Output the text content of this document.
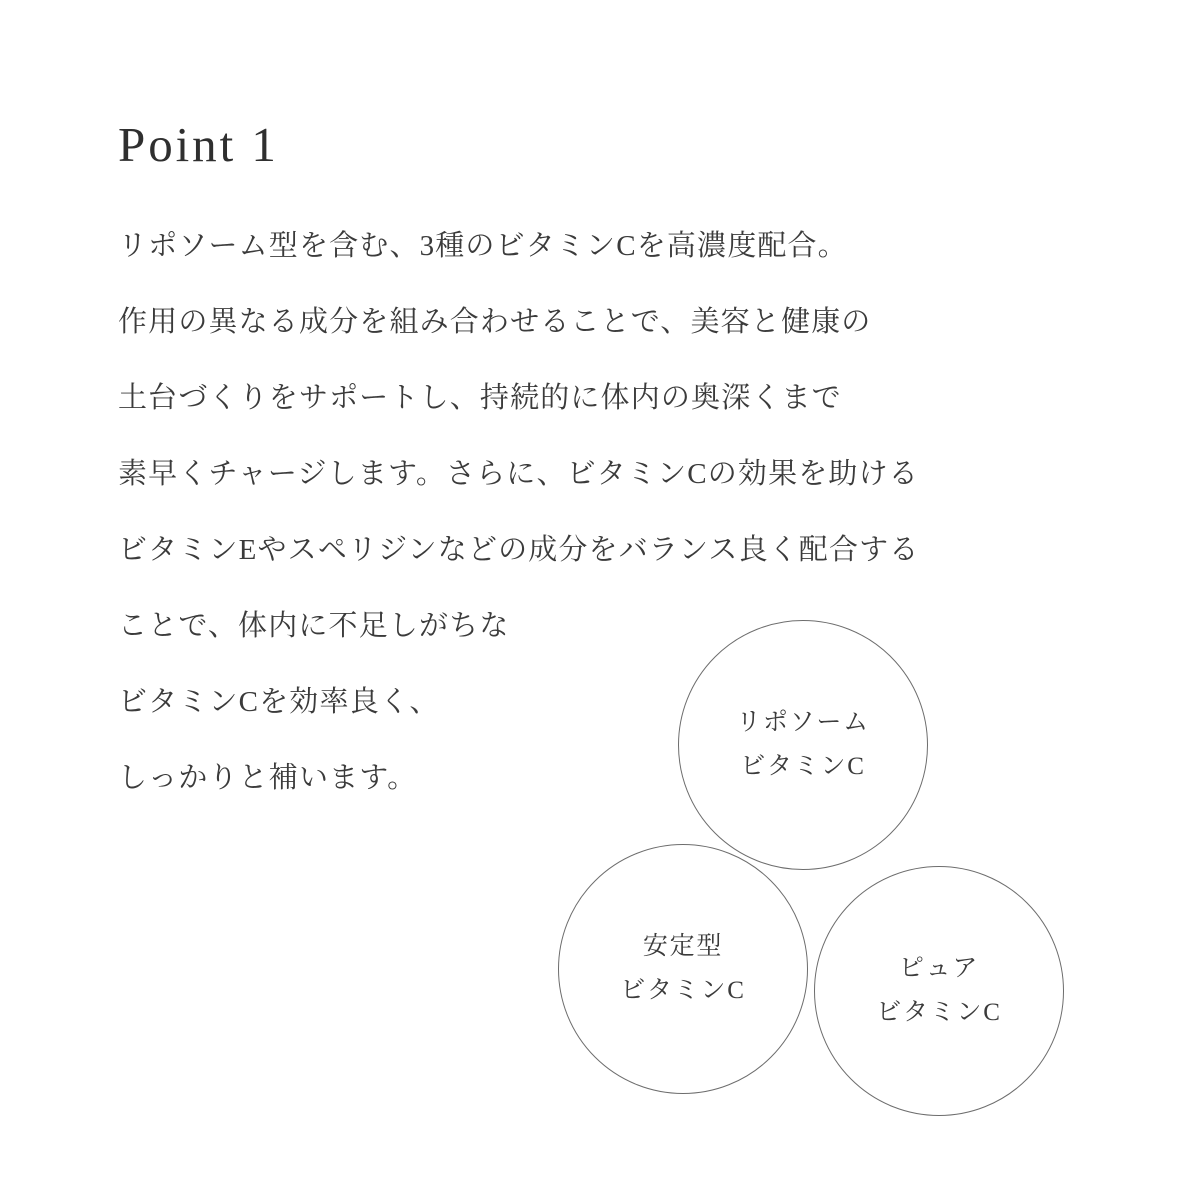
Point 1
リポソーム型を含む、3種のビタミンCを高濃度配合。
作用の異なる成分を組み合わせることで、美容と健康の
土台づくりをサポートし、持続的に体内の奥深くまで
素早くチャージします。さらに、ビタミンCの効果を助ける
ビタミンEやスペリジンなどの成分をバランス良く配合する
ことで、体内に不足しがちな
ビタミンCを効率良く、
しっかりと補います。
リポソーム
ビタミンC
安定型
ビタミンC
ピュア
ビタミンC
